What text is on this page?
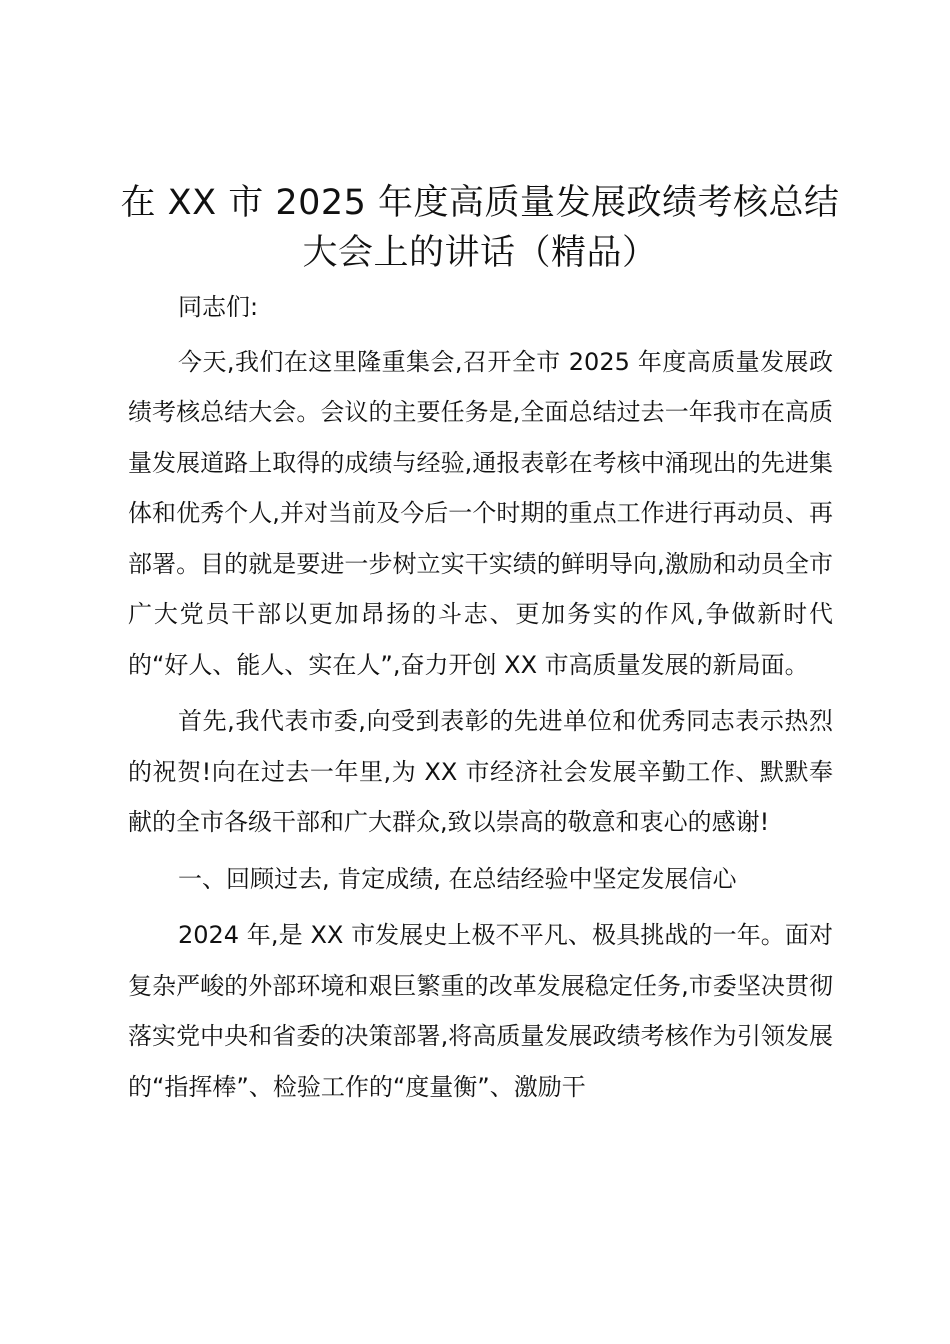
在 XX 市 2025 年度高质量发展政绩考核总结大会上的讲话（精品）

同志们:

今天,我们在这里隆重集会,召开全市 2025 年度高质量发展政绩考核总结大会。会议的主要任务是,全面总结过去一年我市在高质量发展道路上取得的成绩与经验,通报表彰在考核中涌现出的先进集体和优秀个人,并对当前及今后一个时期的重点工作进行再动员、再部署。目的就是要进一步树立实干实绩的鲜明导向,激励和动员全市广大党员干部以更加昂扬的斗志、更加务实的作风,争做新时代的“好人、能人、实在人”,奋力开创 XX 市高质量发展的新局面。

首先,我代表市委,向受到表彰的先进单位和优秀同志表示热烈的祝贺!向在过去一年里,为 XX 市经济社会发展辛勤工作、默默奉献的全市各级干部和广大群众,致以崇高的敬意和衷心的感谢!

一、回顾过去, 肯定成绩, 在总结经验中坚定发展信心

2024 年,是 XX 市发展史上极不平凡、极具挑战的一年。面对复杂严峻的外部环境和艰巨繁重的改革发展稳定任务,市委坚决贯彻落实党中央和省委的决策部署,将高质量发展政绩考核作为引领发展的“指挥棒”、检验工作的“度量衡”、激励干
